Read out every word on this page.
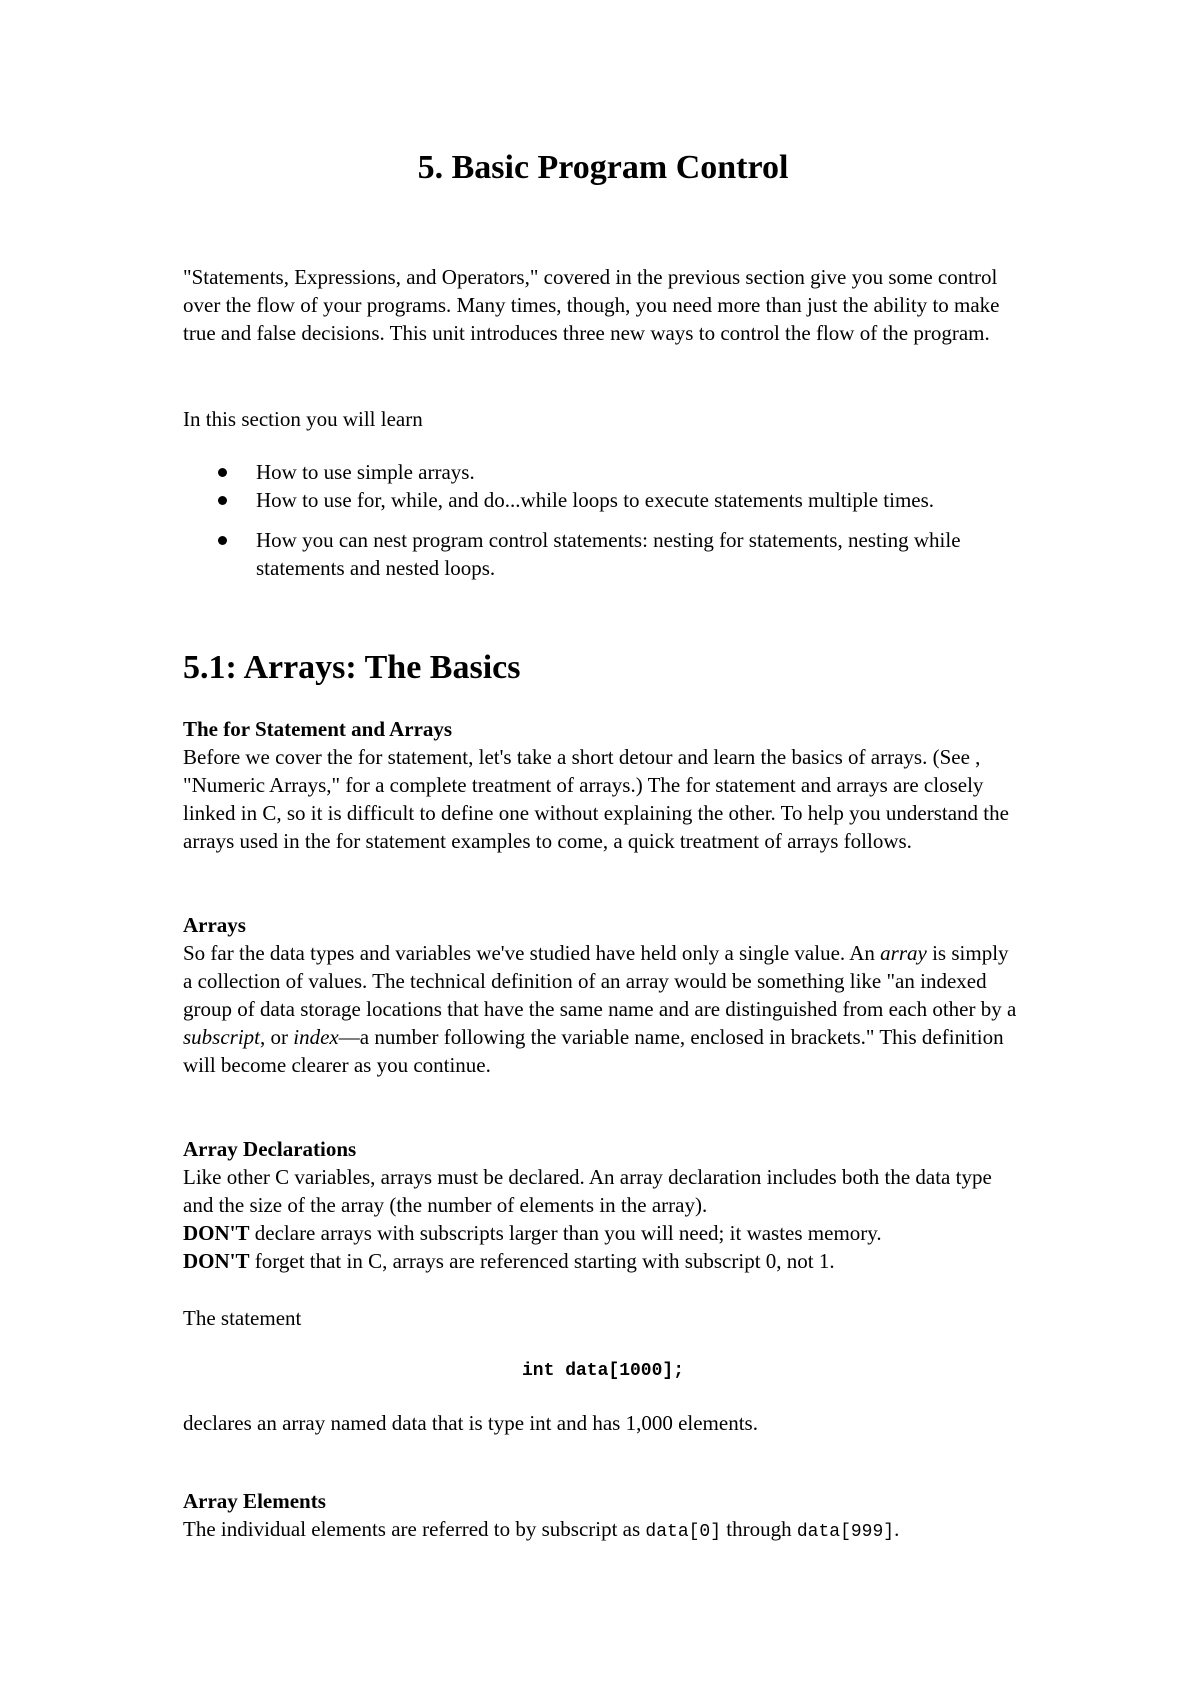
5. Basic Program Control

"Statements, Expressions, and Operators," covered in the previous section give you some control over the flow of your programs. Many times, though, you need more than just the ability to make true and false decisions. This unit introduces three new ways to control the flow of the program.

In this section you will learn

How to use simple arrays.
How to use for, while, and do...while loops to execute statements multiple times.
How you can nest program control statements: nesting for statements, nesting while statements and nested loops.
5.1: Arrays: The Basics
The for Statement and Arrays

Before we cover the for statement, let's take a short detour and learn the basics of arrays. (See , "Numeric Arrays," for a complete treatment of arrays.) The for statement and arrays are closely linked in C, so it is difficult to define one without explaining the other. To help you understand the arrays used in the for statement examples to come, a quick treatment of arrays follows.

Arrays

So far the data types and variables we've studied have held only a single value. An array is simply a collection of values. The technical definition of an array would be something like "an indexed group of data storage locations that have the same name and are distinguished from each other by a subscript, or index—a number following the variable name, enclosed in brackets." This definition will become clearer as you continue.

Array Declarations

Like other C variables, arrays must be declared. An array declaration includes both the data type and the size of the array (the number of elements in the array).

DON'T declare arrays with subscripts larger than you will need; it wastes memory.

DON'T forget that in C, arrays are referenced starting with subscript 0, not 1.

The statement

int data[1000];

declares an array named data that is type int and has 1,000 elements.

Array Elements

The individual elements are referred to by subscript as data[0] through data[999].
